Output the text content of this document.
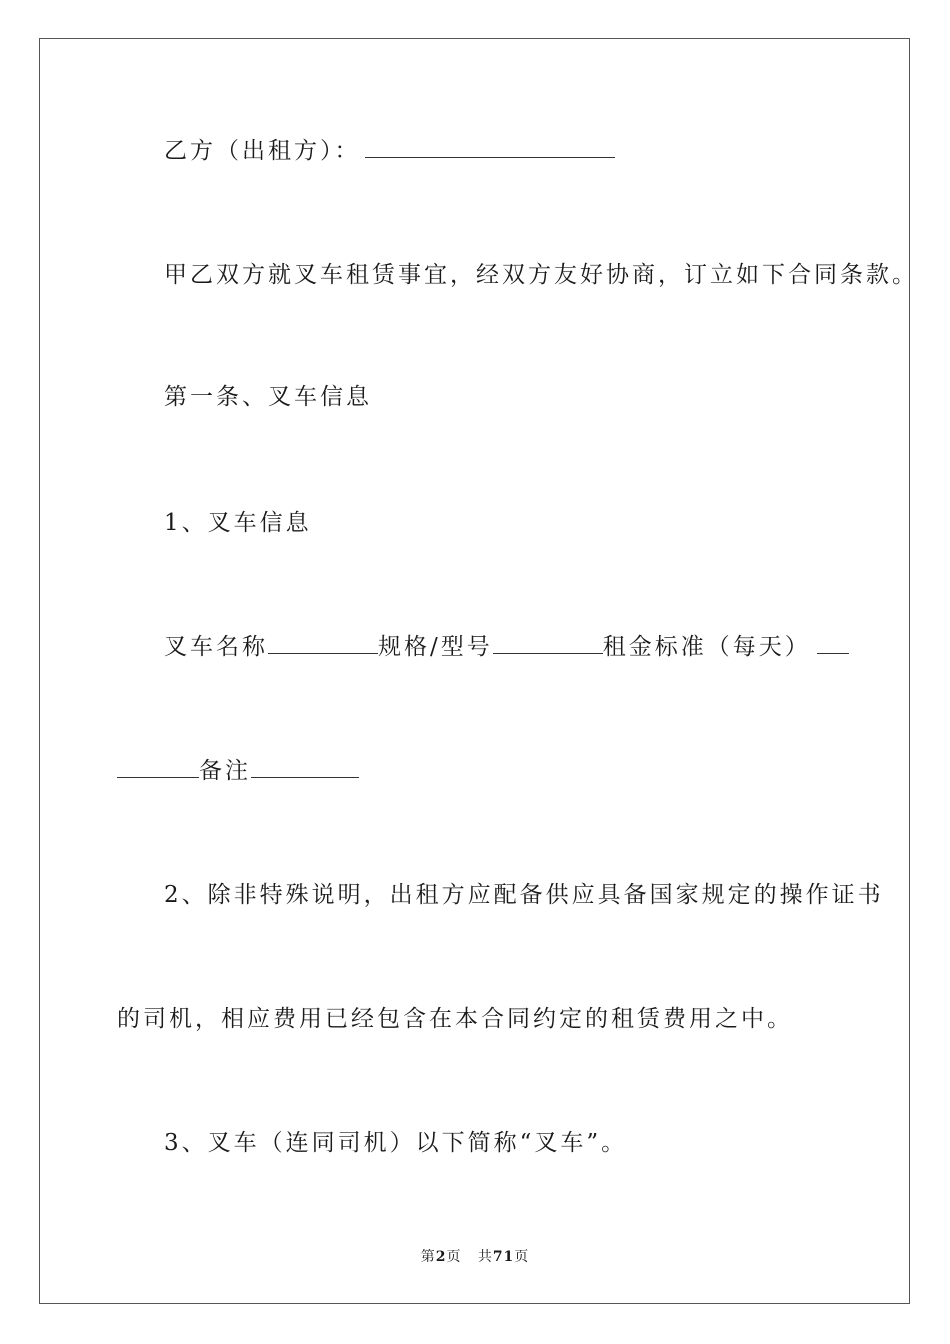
乙方（出租方）：
甲乙双方就叉车租赁事宜，经双方友好协商，订立如下合同条款。
第一条、叉车信息
1、叉车信息
叉车名称	规格/型号	租金标准（每天）
备注
2、除非特殊说明，出租方应配备供应具备国家规定的操作证书
的司机，相应费用已经包含在本合同约定的租赁费用之中。
3、叉车（连同司机）以下简称“叉车”。
第2页 共71页
